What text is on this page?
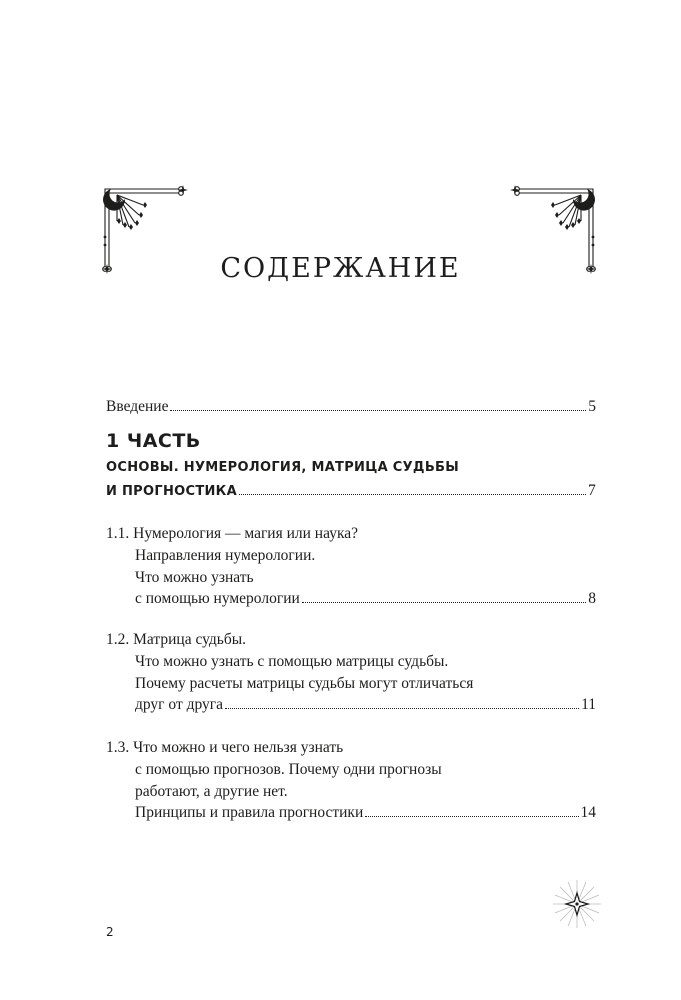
СОДЕРЖАНИЕ
Введение	5
1 ЧАСТЬ
ОСНОВЫ. НУМЕРОЛОГИЯ, МАТРИЦА СУДЬБЫ
И ПРОГНОСТИКА	7
1.1. Нумерология — магия или наука?
Направления нумерологии.
Что можно узнать
с помощью нумерологии	8
1.2. Матрица судьбы.
Что можно узнать с помощью матрицы судьбы.
Почему расчеты матрицы судьбы могут отличаться
друг от друга	11
1.3. Что можно и чего нельзя узнать
с помощью прогнозов. Почему одни прогнозы
работают, а другие нет.
Принципы и правила прогностики	14
2
